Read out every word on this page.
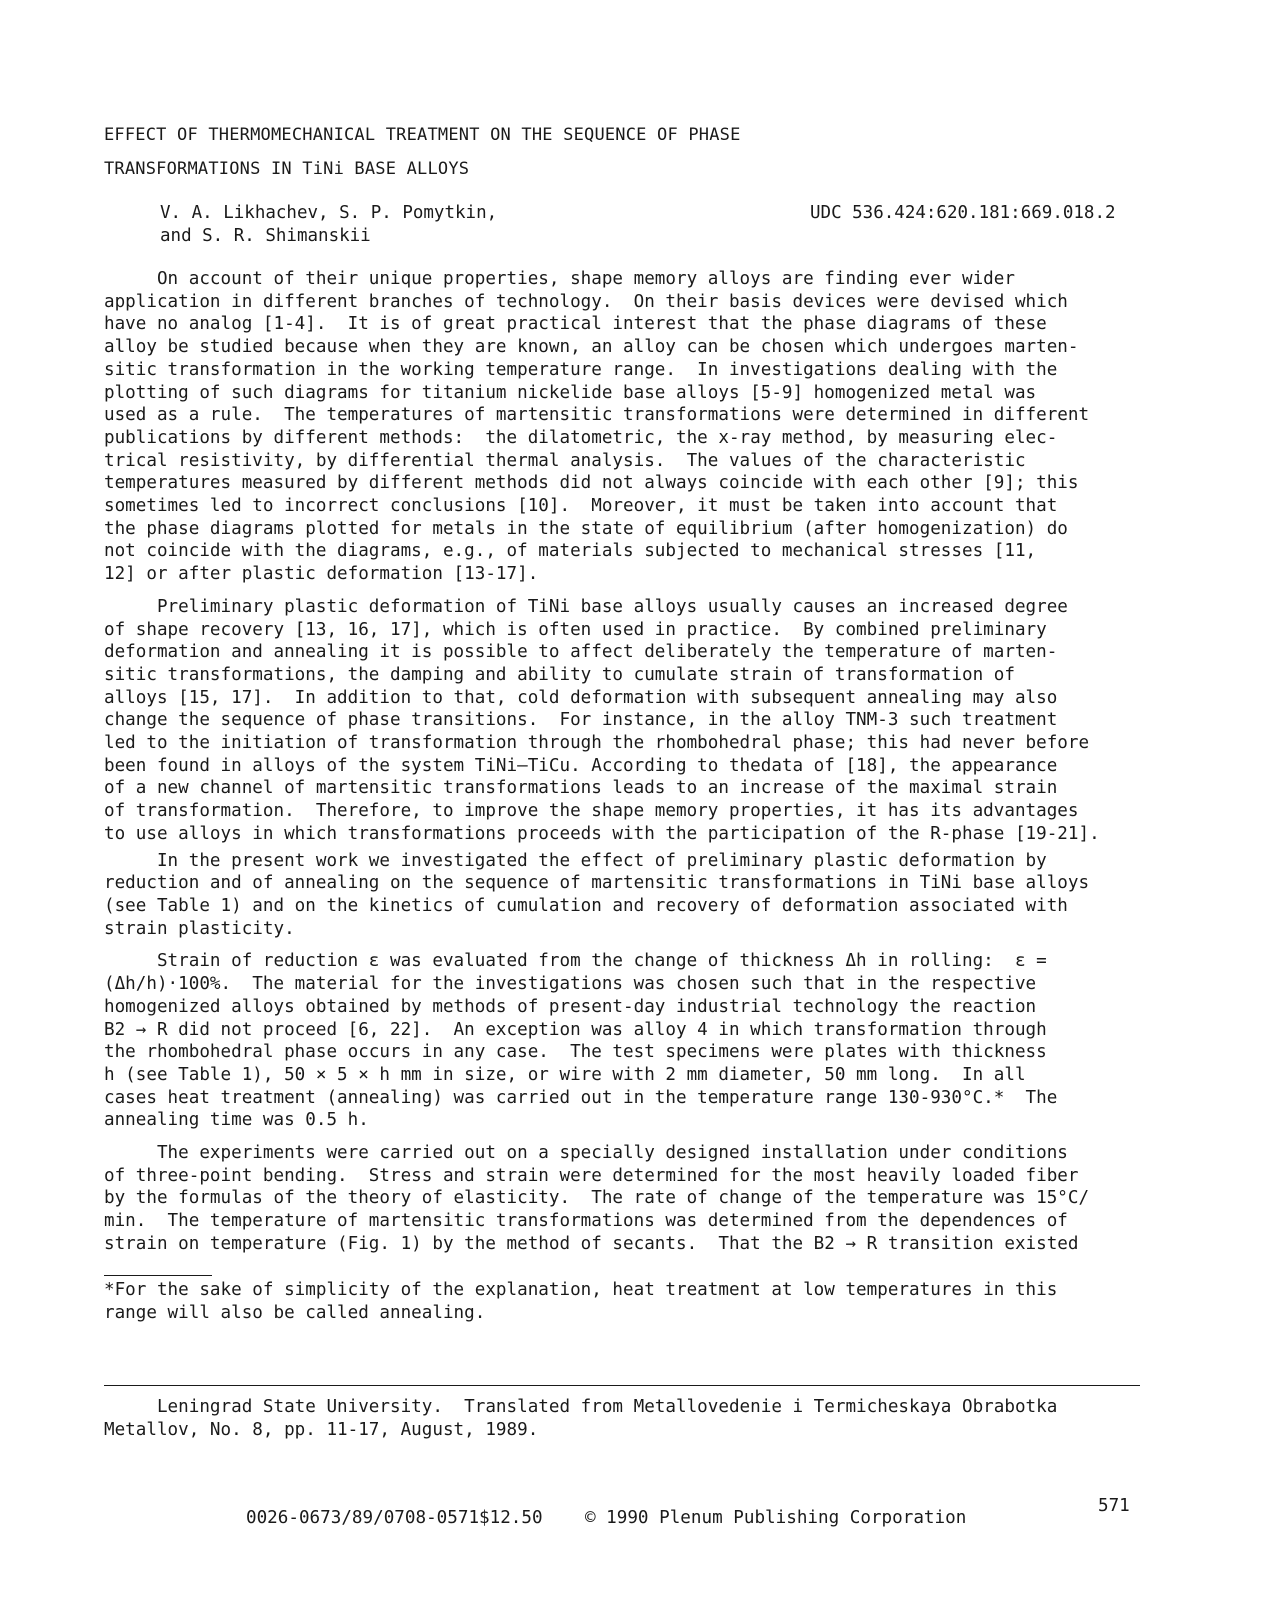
EFFECT OF THERMOMECHANICAL TREATMENT ON THE SEQUENCE OF PHASE
TRANSFORMATIONS IN TiNi BASE ALLOYS
V. A. Likhachev, S. P. Pomytkin,
and S. R. Shimanskii
UDC 536.424:620.181:669.018.2
On account of their unique properties, shape memory alloys are finding ever wider
application in different branches of technology.  On their basis devices were devised which
have no analog [1-4].  It is of great practical interest that the phase diagrams of these
alloy be studied because when they are known, an alloy can be chosen which undergoes marten-
sitic transformation in the working temperature range.  In investigations dealing with the
plotting of such diagrams for titanium nickelide base alloys [5-9] homogenized metal was
used as a rule.  The temperatures of martensitic transformations were determined in different
publications by different methods:  the dilatometric, the x-ray method, by measuring elec-
trical resistivity, by differential thermal analysis.  The values of the characteristic
temperatures measured by different methods did not always coincide with each other [9]; this
sometimes led to incorrect conclusions [10].  Moreover, it must be taken into account that
the phase diagrams plotted for metals in the state of equilibrium (after homogenization) do
not coincide with the diagrams, e.g., of materials subjected to mechanical stresses [11,
12] or after plastic deformation [13-17].
Preliminary plastic deformation of TiNi base alloys usually causes an increased degree
of shape recovery [13, 16, 17], which is often used in practice.  By combined preliminary
deformation and annealing it is possible to affect deliberately the temperature of marten-
sitic transformations, the damping and ability to cumulate strain of transformation of
alloys [15, 17].  In addition to that, cold deformation with subsequent annealing may also
change the sequence of phase transitions.  For instance, in the alloy TNM-3 such treatment
led to the initiation of transformation through the rhombohedral phase; this had never before
been found in alloys of the system TiNi—TiCu. According to thedata of [18], the appearance
of a new channel of martensitic transformations leads to an increase of the maximal strain
of transformation.  Therefore, to improve the shape memory properties, it has its advantages
to use alloys in which transformations proceeds with the participation of the R-phase [19-21].
In the present work we investigated the effect of preliminary plastic deformation by
reduction and of annealing on the sequence of martensitic transformations in TiNi base alloys
(see Table 1) and on the kinetics of cumulation and recovery of deformation associated with
strain plasticity.
Strain of reduction ε was evaluated from the change of thickness Δh in rolling:  ε =
(Δh/h)·100%.  The material for the investigations was chosen such that in the respective
homogenized alloys obtained by methods of present-day industrial technology the reaction
B2 → R did not proceed [6, 22].  An exception was alloy 4 in which transformation through
the rhombohedral phase occurs in any case.  The test specimens were plates with thickness
h (see Table 1), 50 × 5 × h mm in size, or wire with 2 mm diameter, 50 mm long.  In all
cases heat treatment (annealing) was carried out in the temperature range 130-930°C.*  The
annealing time was 0.5 h.
The experiments were carried out on a specially designed installation under conditions
of three-point bending.  Stress and strain were determined for the most heavily loaded fiber
by the formulas of the theory of elasticity.  The rate of change of the temperature was 15°C/
min.  The temperature of martensitic transformations was determined from the dependences of
strain on temperature (Fig. 1) by the method of secants.  That the B2 → R transition existed
*For the sake of simplicity of the explanation, heat treatment at low temperatures in this
range will also be called annealing.
Leningrad State University.  Translated from Metallovedenie i Termicheskaya Obrabotka
Metallov, No. 8, pp. 11-17, August, 1989.
0026-0673/89/0708-0571$12.50 © 1990 Plenum Publishing Corporation
571
